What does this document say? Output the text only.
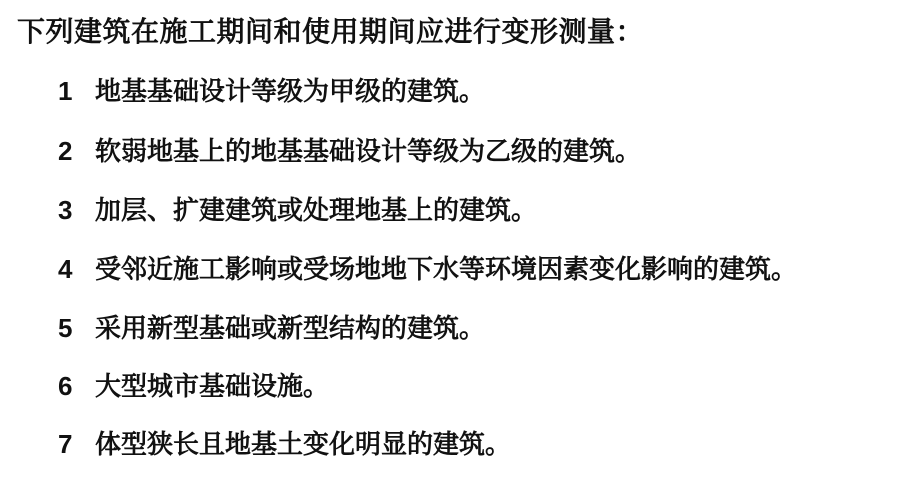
下列建筑在施工期间和使用期间应进行变形测量：
1 地基基础设计等级为甲级的建筑。
2 软弱地基上的地基基础设计等级为乙级的建筑。
3 加层、扩建建筑或处理地基上的建筑。
4 受邻近施工影响或受场地地下水等环境因素变化影响的建筑。
5 采用新型基础或新型结构的建筑。
6 大型城市基础设施。
7 体型狭长且地基土变化明显的建筑。
